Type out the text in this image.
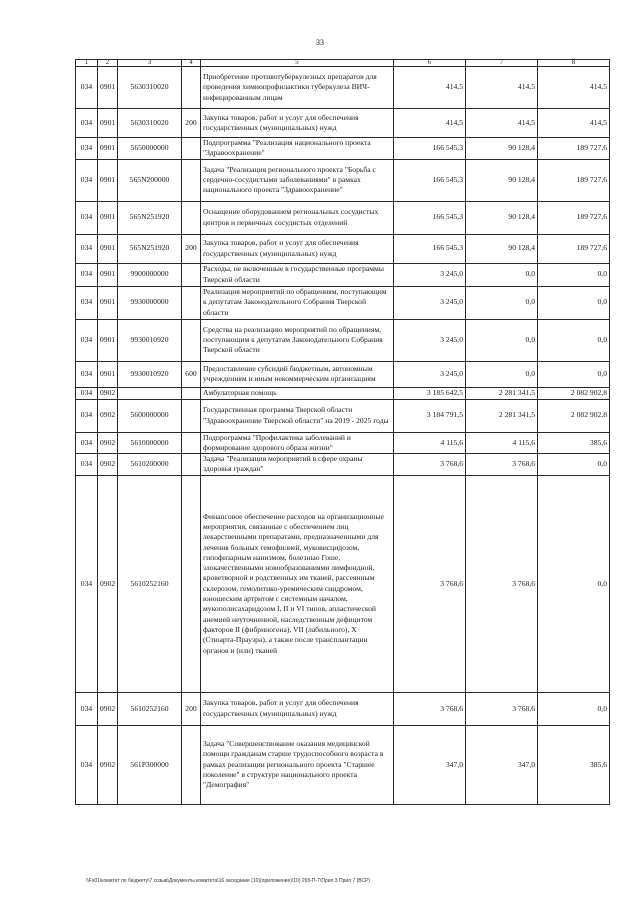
33
1	2	3	4	5	6	7	8
034	0901	5630310020		Приобретение противотуберкулезных препаратов для проведения химиопрофилактики туберкулеза ВИЧ-инфицированным лицам	414,5	414,5	414,5
034	0901	5630310020	200	Закупка товаров, работ и услуг для обеспечения государственных (муниципальных) нужд	414,5	414,5	414,5
034	0901	5650000000		Подпрограмма "Реализация национального проекта "Здравоохранение"	166 545,3	90 128,4	189 727,6
034	0901	565N200000		Задача "Реализация регионального проекта "Борьба с сердечно-сосудистыми заболеваниями" в рамках национального проекта "Здравоохранение"	166 545,3	90 128,4	189 727,6
034	0901	565N251920		Оснащение оборудованием региональных сосудистых центров и первичных сосудистых отделений	166 545,3	90 128,4	189 727,6
034	0901	565N251920	200	Закупка товаров, работ и услуг для обеспечения государственных (муниципальных) нужд	166 545,3	90 128,4	189 727,6
034	0901	9900000000		Расходы, не включенные в государственные программы Тверской области	3 245,0	0,0	0,0
034	0901	9930000000		Реализация мероприятий по обращениям, поступающим к депутатам Законодательного Собрания Тверской области	3 245,0	0,0	0,0
034	0901	9930010920		Средства на реализацию мероприятий по обращениям, поступающим к депутатам Законодательного Собрания Тверской области	3 245,0	0,0	0,0
034	0901	9930010920	600	Предоставление субсидий бюджетным, автономным учреждениям и иным некоммерческим организациям	3 245,0	0,0	0,0
034	0902			Амбулаторная помощь	3 185 642,5	2 281 341,5	2 082 902,8
034	0902	5600000000		Государственная программа Тверской области "Здравоохранение Тверской области" на 2019 - 2025 годы	3 184 791,5	2 281 341,5	2 082 902,8
034	0902	5610000000		Подпрограмма "Профилактика заболеваний и формирование здорового образа жизни"	4 115,6	4 115,6	385,6
034	0902	5610200000		Задача "Реализация мероприятий в сфере охраны здоровья граждан"	3 768,6	3 768,6	0,0
034	0902	5610252160		Финансовое обеспечение расходов на организационные мероприятия, связанные с обеспечением лиц лекарственными препаратами, предназначенными для лечения больных гемофилией, муковисцидозом, гипофизарным нанизмом, болезнью Гоше, злокачественными новообразованиями лимфоидной, кроветворной и родственных им тканей, рассеянным склерозом, гемолитико-уремическим синдромом, юношеским артритом с системным началом, мукополисахаридозом I, II и VI типов, апластической анемией неуточненной, наследственным дефицитом факторов II (фибриногена), VII (лабильного), X (Стюарта-Прауэра), а также после трансплантации органов и (или) тканей	3 768,6	3 768,6	0,0
034	0902	5610252160	200	Закупка товаров, работ и услуг для обеспечения государственных (муниципальных) нужд	3 768,6	3 768,6	0,0
034	0902	561P300000		Задача "Совершенствование оказания медицинской помощи гражданам старше трудоспособного возраста в рамках реализации регионального проекта "Старшее поколение" в структуре национального проекта "Демография"	347,0	347,0	385,6
\\Fs01\комитет по бюджету\7 созыв\Документы комитета\16 заседание (10)(приложение)\10) 265-П-7\Прил 3 Прил 7 (ВСР)
